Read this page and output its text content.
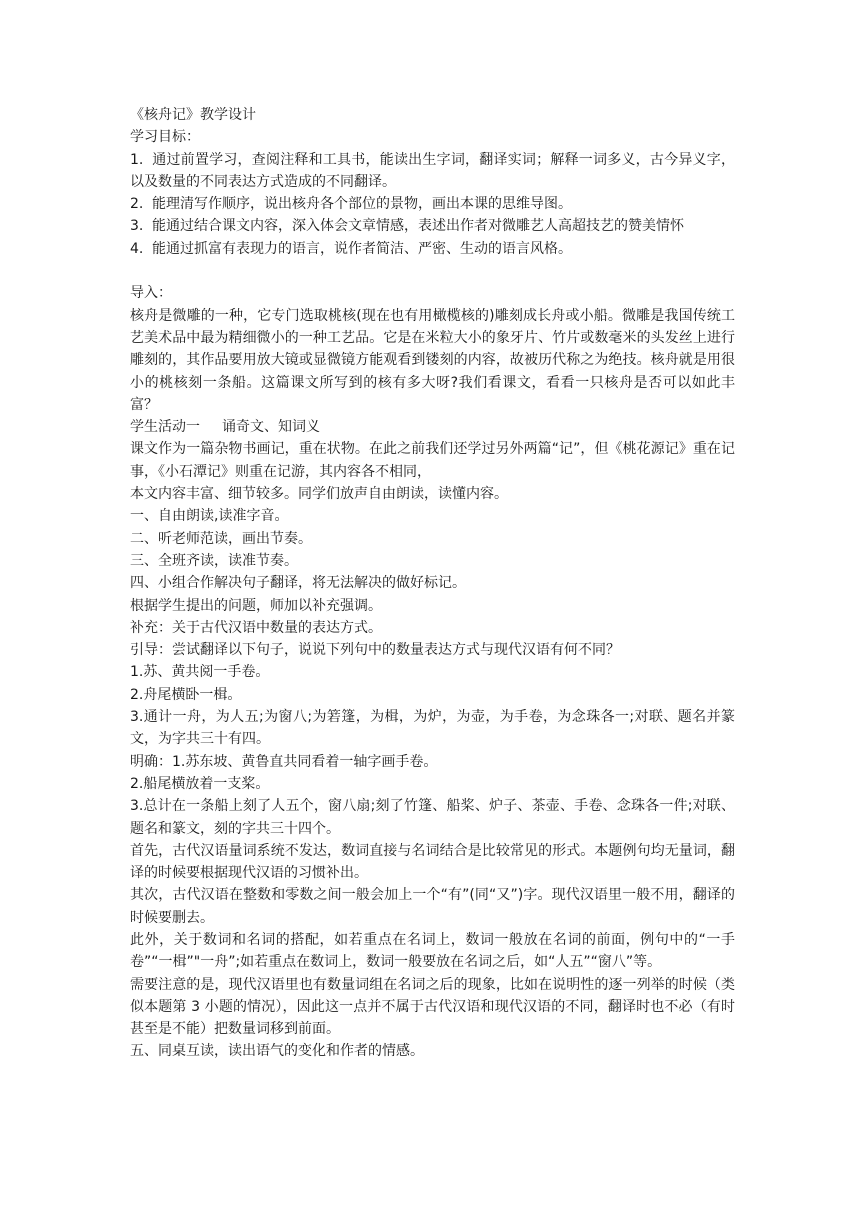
《核舟记》教学设计

学习目标：

1. 通过前置学习，查阅注释和工具书，能读出生字词，翻译实词；解释一词多义，古今异义字，以及数量的不同表达方式造成的不同翻译。

2. 能理清写作顺序，说出核舟各个部位的景物，画出本课的思维导图。

3. 能通过结合课文内容，深入体会文章情感，表述出作者对微雕艺人高超技艺的赞美情怀

4. 能通过抓富有表现力的语言，说作者简洁、严密、生动的语言风格。

导入：

核舟是微雕的一种，它专门选取桃核(现在也有用橄榄核的)雕刻成长舟或小船。微雕是我国传统工艺美术品中最为精细微小的一种工艺品。它是在米粒大小的象牙片、竹片或数毫米的头发丝上进行雕刻的，其作品要用放大镜或显微镜方能观看到镂刻的内容，故被历代称之为绝技。核舟就是用很小的桃核刻一条船。这篇课文所写到的核有多大呀?我们看课文，看看一只核舟是否可以如此丰富？

学生活动一 诵奇文、知词义

课文作为一篇杂物书画记，重在状物。在此之前我们还学过另外两篇“记”，但《桃花源记》重在记事，《小石潭记》则重在记游，其内容各不相同，

本文内容丰富、细节较多。同学们放声自由朗读，读懂内容。

一、自由朗读,读准字音。

二、听老师范读，画出节奏。

三、全班齐读，读准节奏。

四、小组合作解决句子翻译，将无法解决的做好标记。

根据学生提出的问题，师加以补充强调。

补充：关于古代汉语中数量的表达方式。

引导：尝试翻译以下句子，说说下列句中的数量表达方式与现代汉语有何不同？

1.苏、黄共阅一手卷。

2.舟尾横卧一楫。

3.通计一舟，为人五;为窗八;为箬篷，为楫，为炉，为壶，为手卷，为念珠各一;对联、题名并篆文，为字共三十有四。

明确：1.苏东坡、黄鲁直共同看着一轴字画手卷。

2.船尾横放着一支桨。

3.总计在一条船上刻了人五个，窗八扇;刻了竹篷、船桨、炉子、茶壶、手卷、念珠各一件;对联、题名和篆文，刻的字共三十四个。

首先，古代汉语量词系统不发达，数词直接与名词结合是比较常见的形式。本题例句均无量词，翻译的时候要根据现代汉语的习惯补出。

其次，古代汉语在整数和零数之间一般会加上一个“有”(同“又”)字。现代汉语里一般不用，翻译的时候要删去。

此外，关于数词和名词的搭配，如若重点在名词上，数词一般放在名词的前面，例句中的“一手卷”“一楫”"一舟”;如若重点在数词上，数词一般要放在名词之后，如“人五”“窗八”等。

需要注意的是，现代汉语里也有数量词组在名词之后的现象，比如在说明性的逐一列举的时候（类似本题第 3 小题的情况），因此这一点并不属于古代汉语和现代汉语的不同，翻译时也不必（有时甚至是不能）把数量词移到前面。

五、同桌互读，读出语气的变化和作者的情感。
